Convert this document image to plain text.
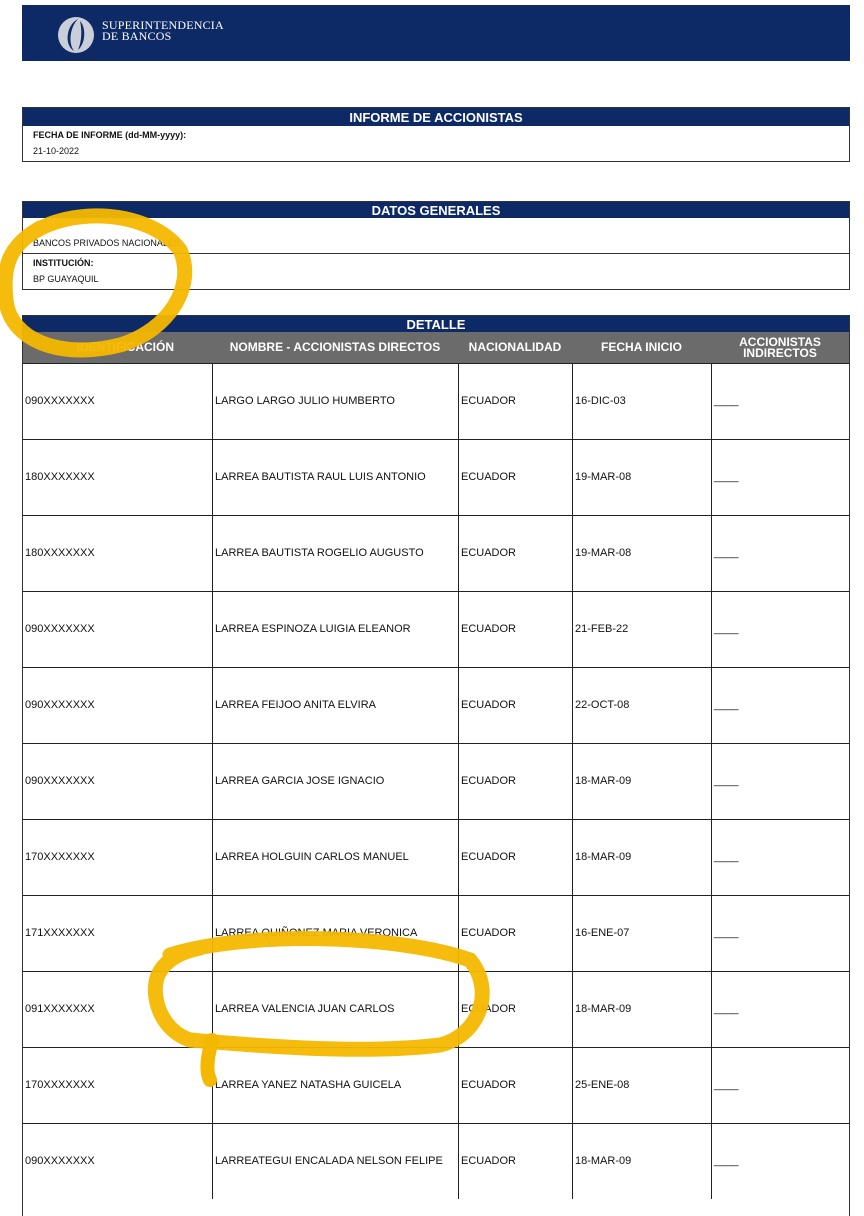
SUPERINTENDENCIA
DE BANCOS
INFORME DE ACCIONISTAS
FECHA DE INFORME (dd-MM-yyyy):
21-10-2022
DATOS GENERALES
BANCOS PRIVADOS NACIONALES
INSTITUCIÓN:
BP GUAYAQUIL
DETALLE
IDENTIFICACIÓN	NOMBRE - ACCIONISTAS DIRECTOS	NACIONALIDAD	FECHA INICIO	ACCIONISTAS INDIRECTOS
090XXXXXXX	LARGO LARGO JULIO HUMBERTO	ECUADOR	16-DIC-03	____
180XXXXXXX	LARREA BAUTISTA RAUL LUIS ANTONIO	ECUADOR	19-MAR-08	____
180XXXXXXX	LARREA BAUTISTA ROGELIO AUGUSTO	ECUADOR	19-MAR-08	____
090XXXXXXX	LARREA ESPINOZA LUIGIA ELEANOR	ECUADOR	21-FEB-22	____
090XXXXXXX	LARREA FEIJOO ANITA ELVIRA	ECUADOR	22-OCT-08	____
090XXXXXXX	LARREA GARCIA JOSE IGNACIO	ECUADOR	18-MAR-09	____
170XXXXXXX	LARREA HOLGUIN CARLOS MANUEL	ECUADOR	18-MAR-09	____
171XXXXXXX	LARREA QUIÑONEZ MARIA VERONICA	ECUADOR	16-ENE-07	____
091XXXXXXX	LARREA VALENCIA JUAN CARLOS	ECUADOR	18-MAR-09	____
170XXXXXXX	LARREA YANEZ NATASHA GUICELA	ECUADOR	25-ENE-08	____
090XXXXXXX	LARREATEGUI ENCALADA NELSON FELIPE	ECUADOR	18-MAR-09	____
